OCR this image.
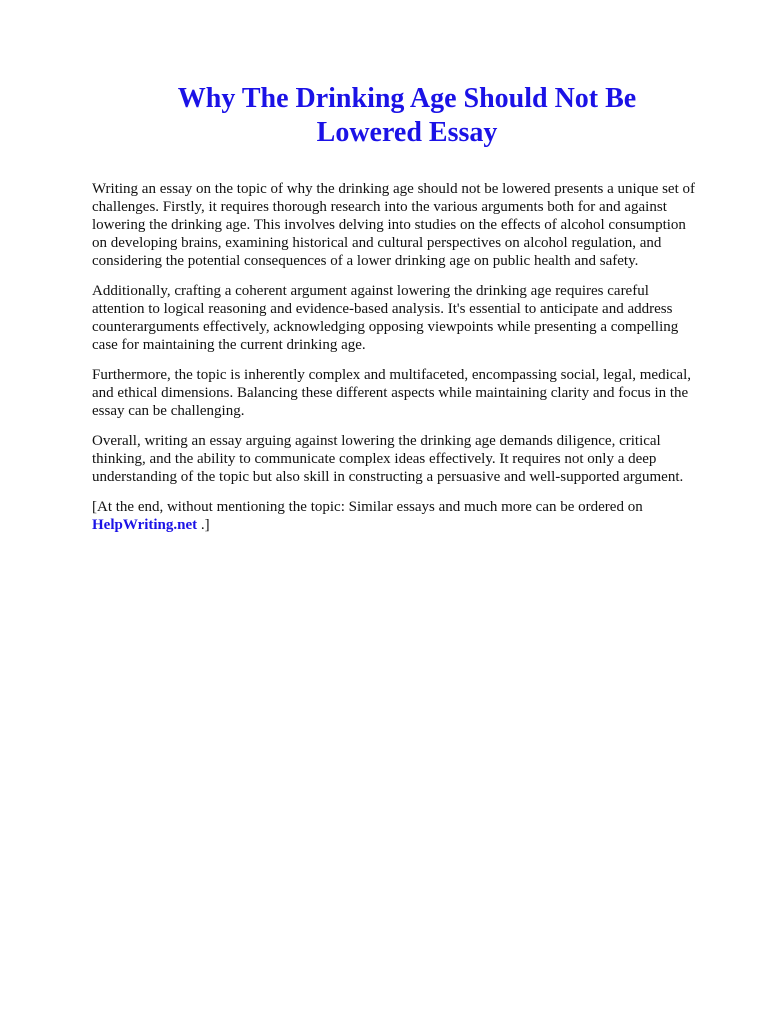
Why The Drinking Age Should Not Be
Lowered Essay

Writing an essay on the topic of why the drinking age should not be lowered presents a unique set of
challenges. Firstly, it requires thorough research into the various arguments both for and against
lowering the drinking age. This involves delving into studies on the effects of alcohol consumption
on developing brains, examining historical and cultural perspectives on alcohol regulation, and
considering the potential consequences of a lower drinking age on public health and safety.

Additionally, crafting a coherent argument against lowering the drinking age requires careful
attention to logical reasoning and evidence-based analysis. It's essential to anticipate and address
counterarguments effectively, acknowledging opposing viewpoints while presenting a compelling
case for maintaining the current drinking age.

Furthermore, the topic is inherently complex and multifaceted, encompassing social, legal, medical,
and ethical dimensions. Balancing these different aspects while maintaining clarity and focus in the
essay can be challenging.

Overall, writing an essay arguing against lowering the drinking age demands diligence, critical
thinking, and the ability to communicate complex ideas effectively. It requires not only a deep
understanding of the topic but also skill in constructing a persuasive and well-supported argument.

[At the end, without mentioning the topic: Similar essays and much more can be ordered on
HelpWriting.net .]
